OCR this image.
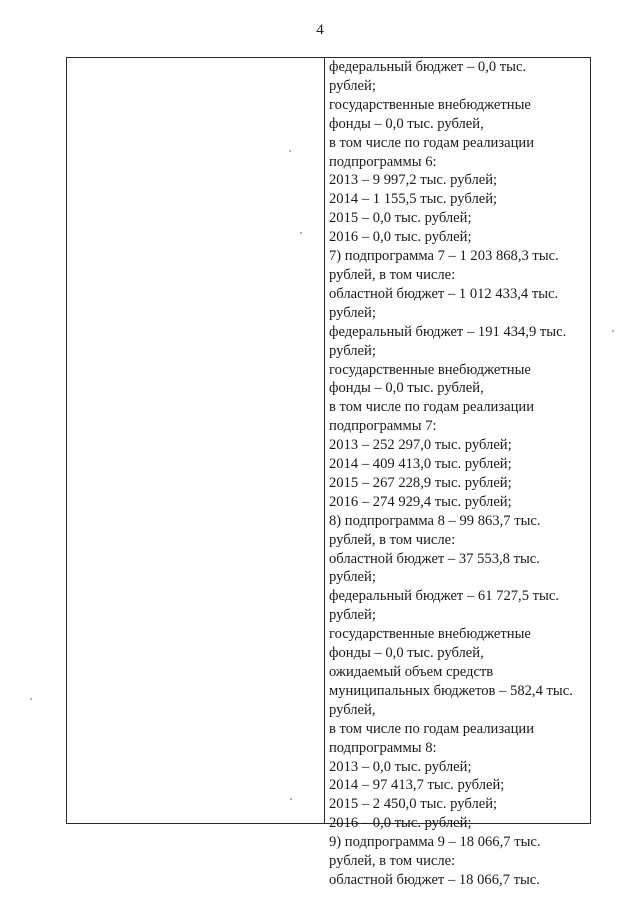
4
федеральный бюджет – 0,0 тыс.
рублей;
государственные внебюджетные
фонды – 0,0 тыс. рублей,
в том числе по годам реализации
подпрограммы 6:
2013 – 9 997,2 тыс. рублей;
2014 – 1 155,5 тыс. рублей;
2015 – 0,0 тыс. рублей;
2016 – 0,0 тыс. рублей;
7) подпрограмма 7 – 1 203 868,3 тыс.
рублей, в том числе:
областной бюджет – 1 012 433,4 тыс.
рублей;
федеральный бюджет – 191 434,9 тыс.
рублей;
государственные внебюджетные
фонды – 0,0 тыс. рублей,
в том числе по годам реализации
подпрограммы 7:
2013 – 252 297,0 тыс. рублей;
2014 – 409 413,0 тыс. рублей;
2015 – 267 228,9 тыс. рублей;
2016 – 274 929,4 тыс. рублей;
8) подпрограмма 8 – 99 863,7 тыс.
рублей, в том числе:
областной бюджет – 37 553,8 тыс.
рублей;
федеральный бюджет – 61 727,5 тыс.
рублей;
государственные внебюджетные
фонды – 0,0 тыс. рублей,
ожидаемый объем средств
муниципальных бюджетов – 582,4 тыс.
рублей,
в том числе по годам реализации
подпрограммы 8:
2013 – 0,0 тыс. рублей;
2014 – 97 413,7 тыс. рублей;
2015 – 2 450,0 тыс. рублей;
2016 – 0,0 тыс. рублей;
9) подпрограмма 9 – 18 066,7 тыс.
рублей, в том числе:
областной бюджет – 18 066,7 тыс.
